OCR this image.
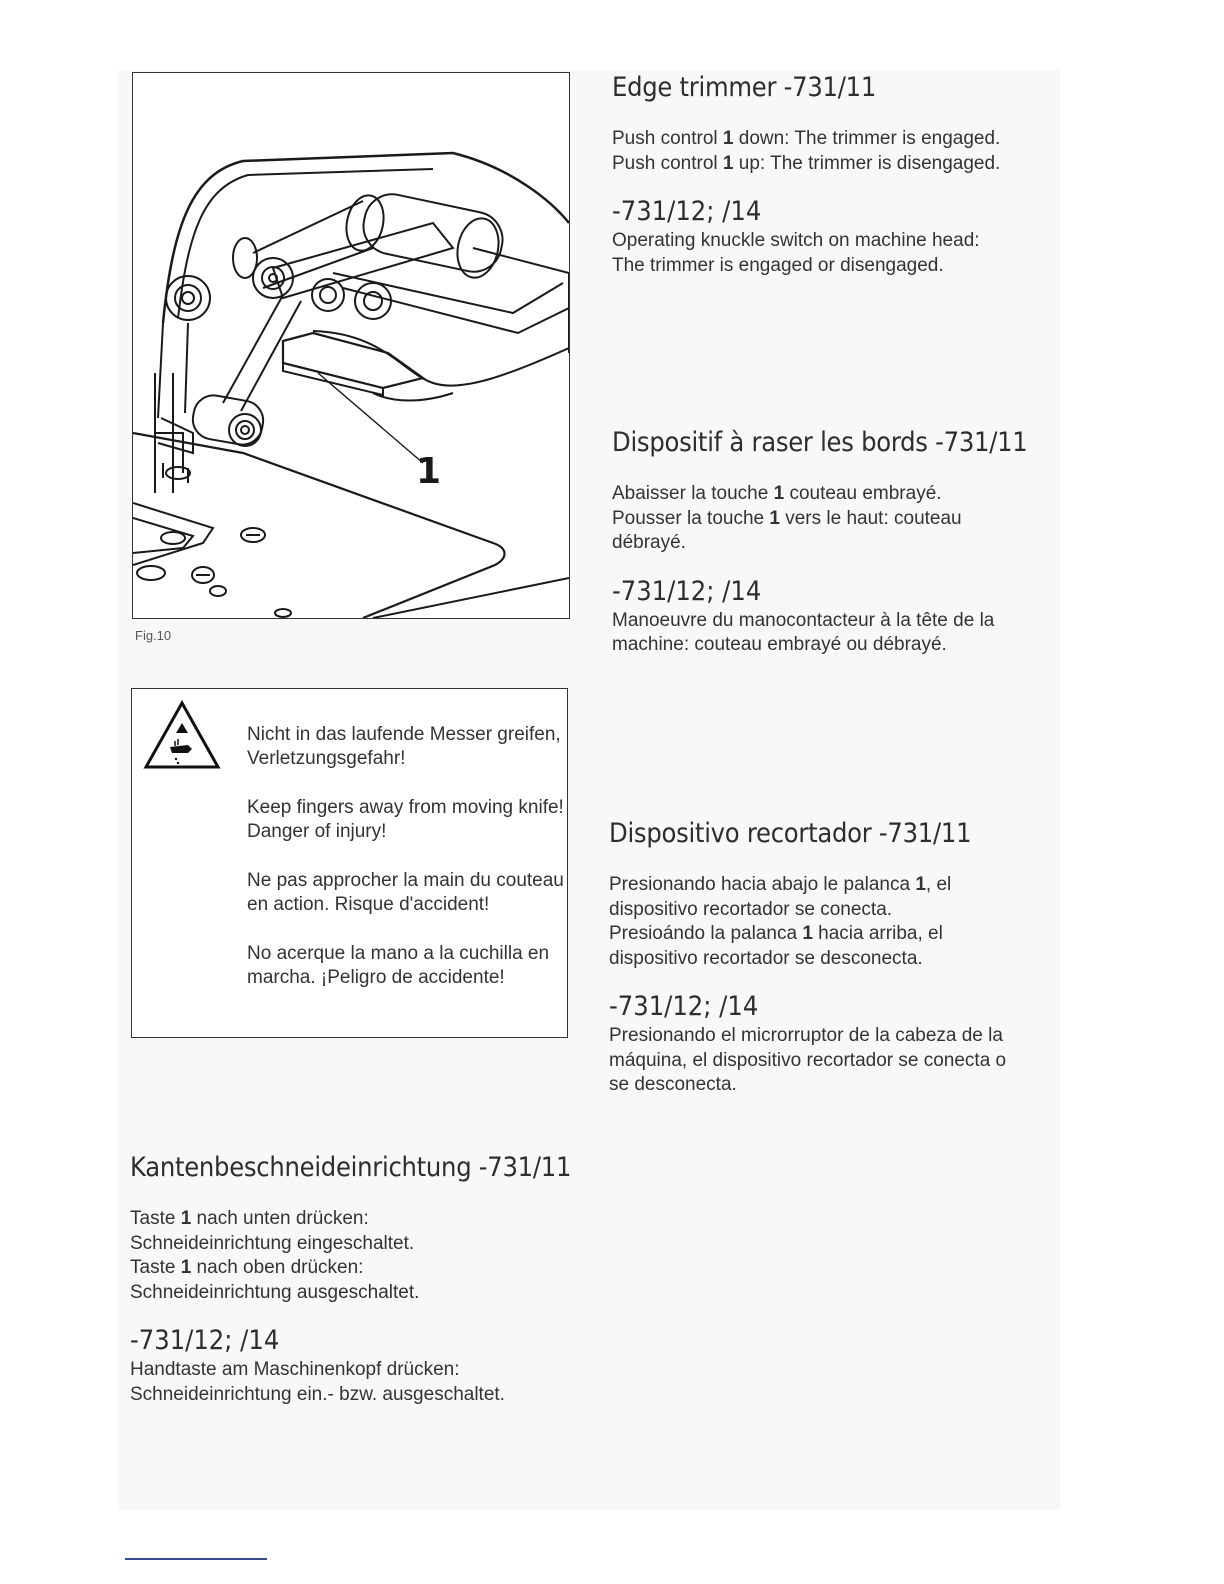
1
Fig.10

Nicht in das laufende Messer greifen, Verletzungsgefahr!

Keep fingers away from moving knife! Danger of injury!

Ne pas approcher la main du couteau en action. Risque d'accident!

No acerque la mano a la cuchilla en marcha. ¡Peligro de accidente!

Edge trimmer -731/11

Push control 1 down: The trimmer is engaged.

Push control 1 up: The trimmer is disengaged.

-731/12; /14

Operating knuckle switch on machine head: The trimmer is engaged or disengaged.

Dispositif à raser les bords -731/11

Abaisser la touche 1 couteau embrayé.

Pousser la touche 1 vers le haut: couteau débrayé.

-731/12; /14

Manoeuvre du manocontacteur à la tête de la machine: couteau embrayé ou débrayé.

Dispositivo recortador -731/11

Presionando hacia abajo le palanca 1, el dispositivo recortador se conecta.

Presioándo la palanca 1 hacia arriba, el dispositivo recortador se desconecta.

-731/12; /14

Presionando el microrruptor de la cabeza de la máquina, el dispositivo recortador se conecta o se desconecta.

Kantenbeschneideinrichtung -731/11

Taste 1 nach unten drücken:

Schneideinrichtung eingeschaltet.

Taste 1 nach oben drücken:

Schneideinrichtung ausgeschaltet.

-731/12; /14

Handtaste am Maschinenkopf drücken: Schneideinrichtung ein.- bzw. ausgeschaltet.
